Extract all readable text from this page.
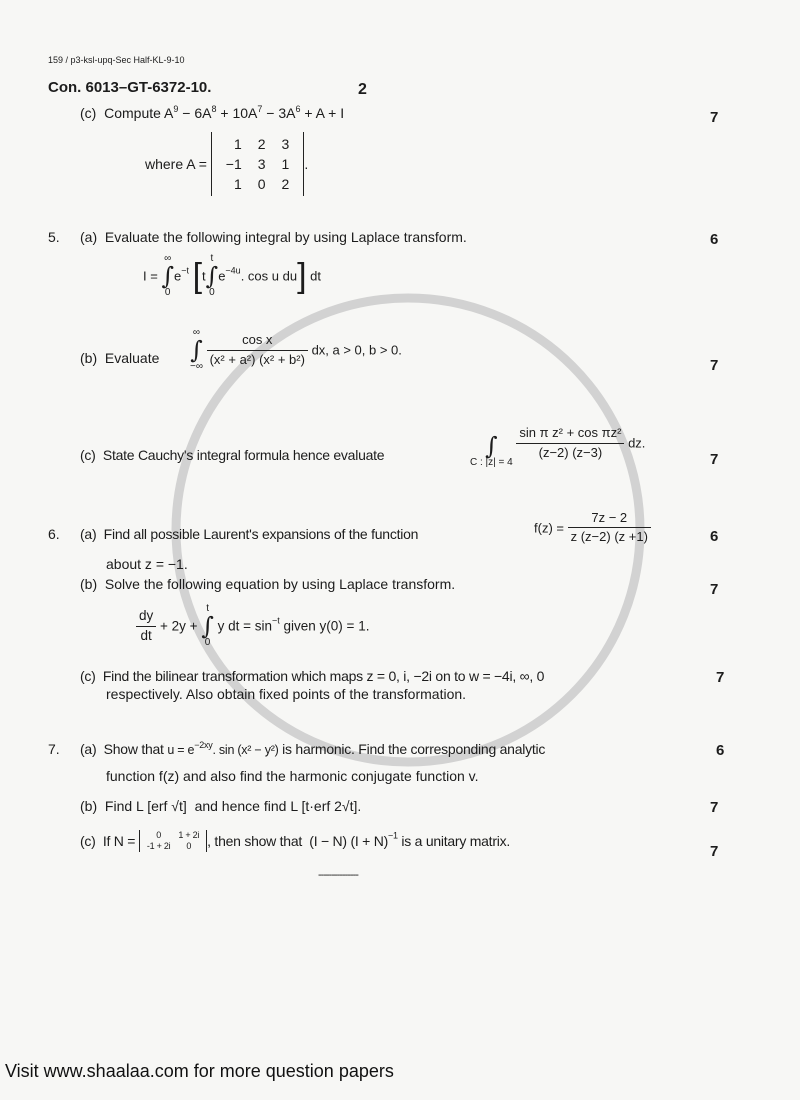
159 / p3-ksl-upq-Sec Half-KL-9-10
Con. 6013–GT-6372-10.	2
(c) Compute $A^9 - 6A^8 + 10A^7 - 3A^6 + A + I$	7
where A =
1	2	3
−1	3	1
1	0	2
.
5. (a) Evaluate the following integral by using Laplace transform.	6
I =
∞
∫
0
$e^{-t}$ [t
t
∫
0
$e^{-4u}$. cos u du] dt
(b) Evaluate
∞
∫
−∞
$\frac{\text{cos x}}{\text{(x² + a²) (x² + b²)}}$ dx, a > 0, b > 0.
7
(c) State Cauchy's integral formula hence evaluate	∫
C : |z| = 4

$\frac{\text{sin π z² + cos πz²}}{(z-2) (z-3)}$ dz.
7
6. (a) Find all possible Laurent's expansions of the function	$f(z) = \frac{7z - 2}{z (z-2) (z +1)}$	6
about z = −1.
(b) Solve the following equation by using Laplace transform.	7
$\frac{dy}{dt} + 2y$ +
t
∫
0
y dt = $\sin^{-t}$ given y(0) = 1.
(c) Find the bilinear transformation which maps z = 0, i, −2i on to w = −4i, ∞, 0	7
respectively. Also obtain fixed points of the transformation.
7. (a) Show that $u = e^{-2xy}$. sin (x² − y²) is harmonic. Find the corresponding analytic	6
function f(z) and also find the harmonic conjugate function v.
(b) Find L [erf √t] and hence find L [t·erf 2√t].	7
(c) If N = 0	1 + 2i
-1 + 2i	0 , then show that (I − N) $(I + N)^{-1}$ is a unitary matrix.
7
---------------
Visit www.shaalaa.com for more question papers
